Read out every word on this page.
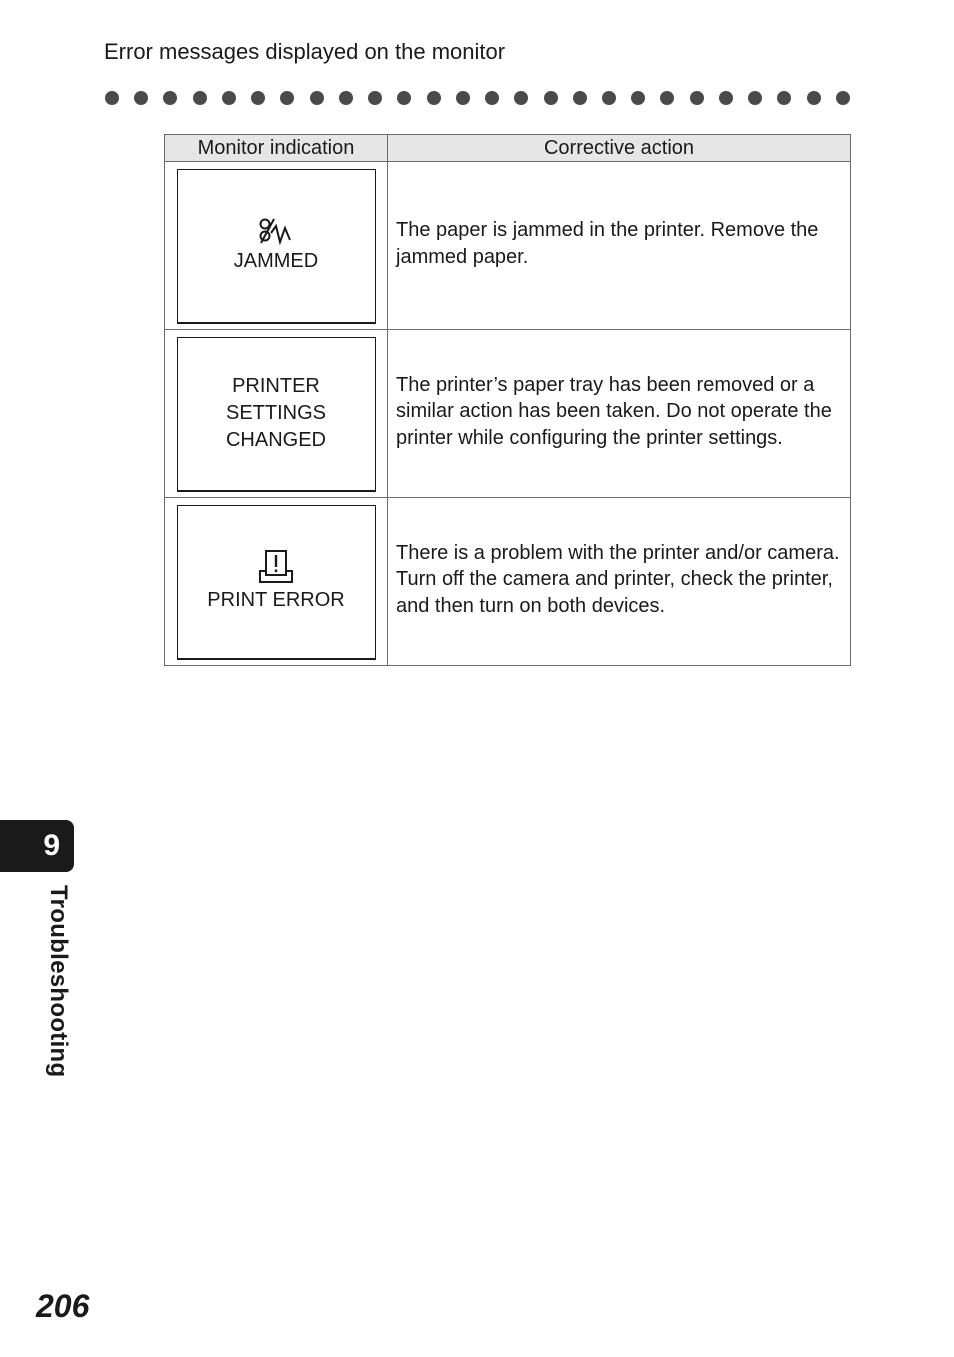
Error messages displayed on the monitor
Monitor indication	Corrective action

JAMMED	The paper is jammed in the printer. Remove the jammed paper.

PRINTER
SETTINGS
CHANGED	The printer’s paper tray has been removed or a similar action has been taken. Do not operate the printer while configuring the printer settings.

PRINT ERROR	There is a problem with the printer and/or camera. Turn off the camera and printer, check the printer, and then turn on both devices.

9
Troubleshooting
206
